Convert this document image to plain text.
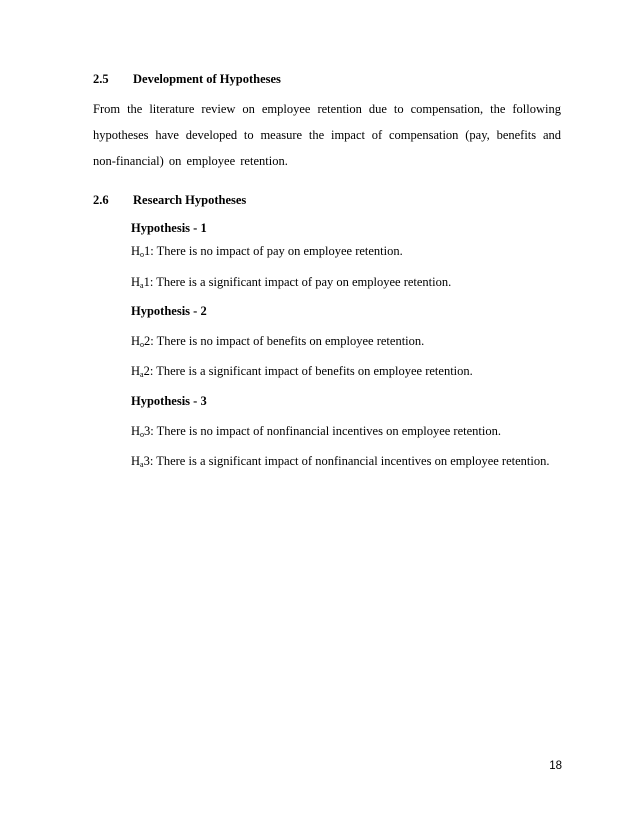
2.5 Development of Hypotheses
From the literature review on employee retention due to compensation, the following hypotheses have developed to measure the impact of compensation (pay, benefits and non-financial) on employee retention.
2.6 Research Hypotheses
Hypothesis - 1
$H_o1$: There is no impact of pay on employee retention.
$H_a1$: There is a significant impact of pay on employee retention.
Hypothesis - 2
$H_o2$: There is no impact of benefits on employee retention.
$H_a2$: There is a significant impact of benefits on employee retention.
Hypothesis - 3
$H_o3$: There is no impact of nonfinancial incentives on employee retention.
$H_a3$: There is a significant impact of nonfinancial incentives on employee retention.
18
